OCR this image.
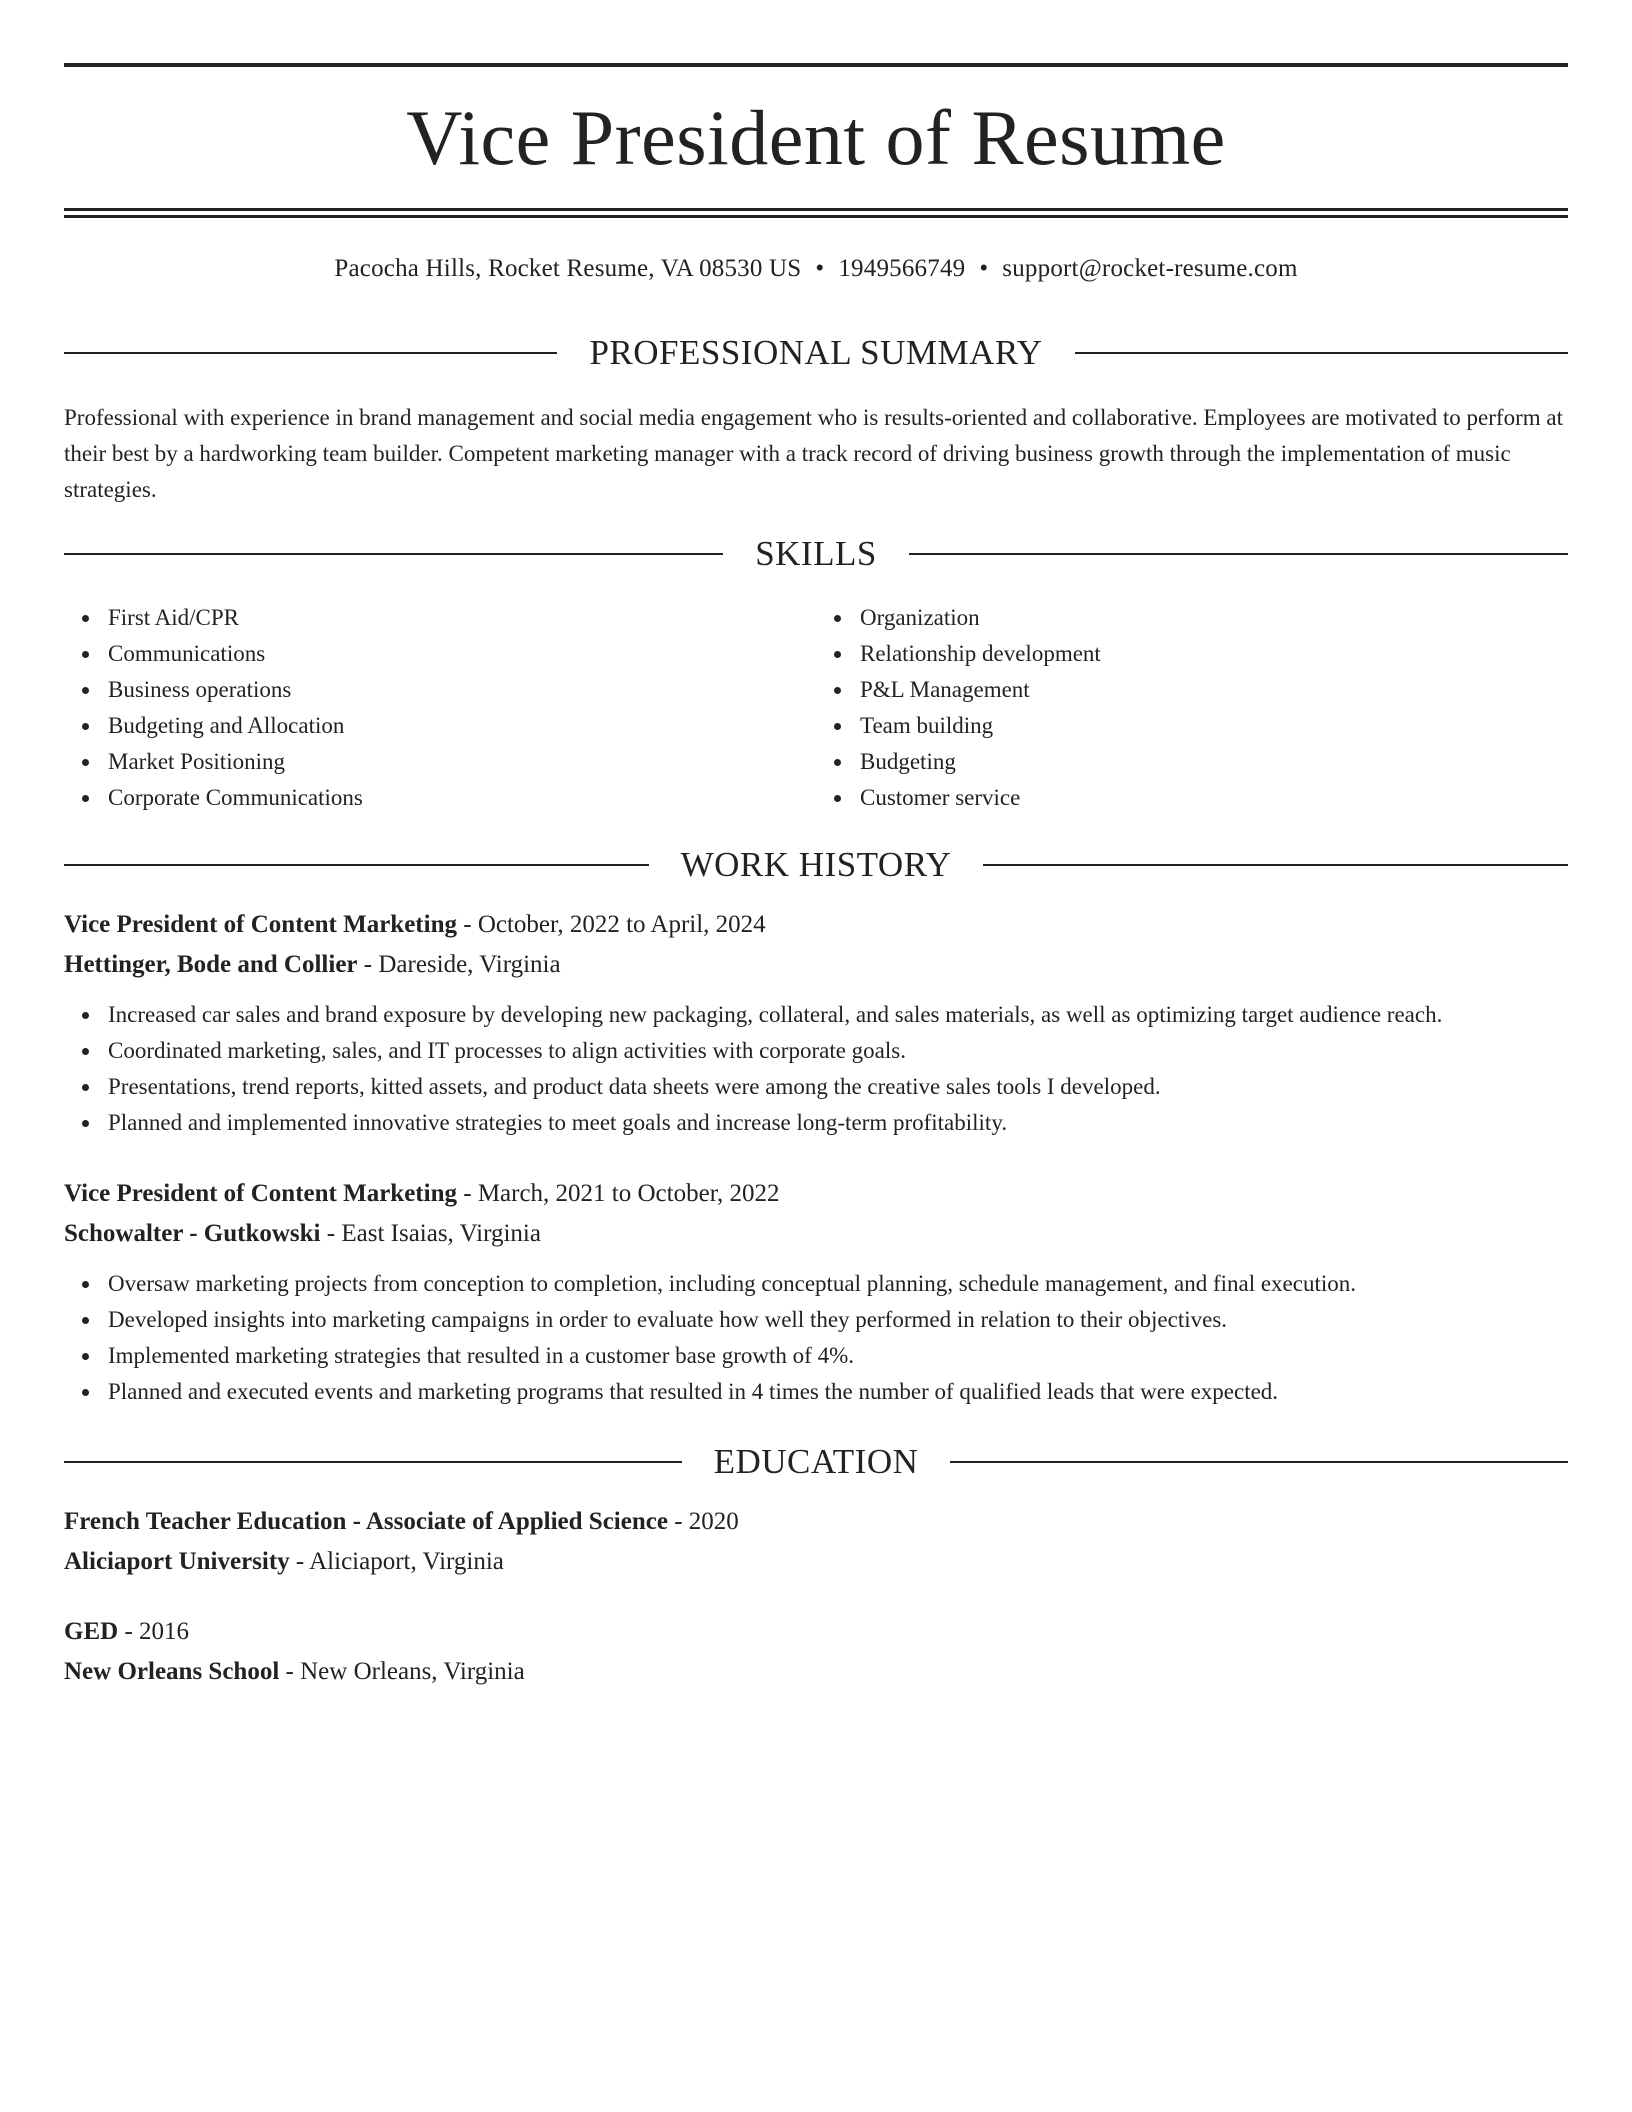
Vice President of Resume
Pacocha Hills, Rocket Resume, VA 08530 US • 1949566749 • support@rocket-resume.com
PROFESSIONAL SUMMARY

Professional with experience in brand management and social media engagement who is results-oriented and collaborative. Employees are motivated to perform at their best by a hardworking team builder. Competent marketing manager with a track record of driving business growth through the implementation of music strategies.

SKILLS
First Aid/CPR
Communications
Business operations
Budgeting and Allocation
Market Positioning
Corporate Communications
Organization
Relationship development
P&L Management
Team building
Budgeting
Customer service
WORK HISTORY
Vice President of Content Marketing - October, 2022 to April, 2024
Hettinger, Bode and Collier - Dareside, Virginia
Increased car sales and brand exposure by developing new packaging, collateral, and sales materials, as well as optimizing target audience reach.
Coordinated marketing, sales, and IT processes to align activities with corporate goals.
Presentations, trend reports, kitted assets, and product data sheets were among the creative sales tools I developed.
Planned and implemented innovative strategies to meet goals and increase long-term profitability.
Vice President of Content Marketing - March, 2021 to October, 2022
Schowalter - Gutkowski - East Isaias, Virginia
Oversaw marketing projects from conception to completion, including conceptual planning, schedule management, and final execution.
Developed insights into marketing campaigns in order to evaluate how well they performed in relation to their objectives.
Implemented marketing strategies that resulted in a customer base growth of 4%.
Planned and executed events and marketing programs that resulted in 4 times the number of qualified leads that were expected.
EDUCATION
French Teacher Education - Associate of Applied Science - 2020
Aliciaport University - Aliciaport, Virginia
GED - 2016
New Orleans School - New Orleans, Virginia
